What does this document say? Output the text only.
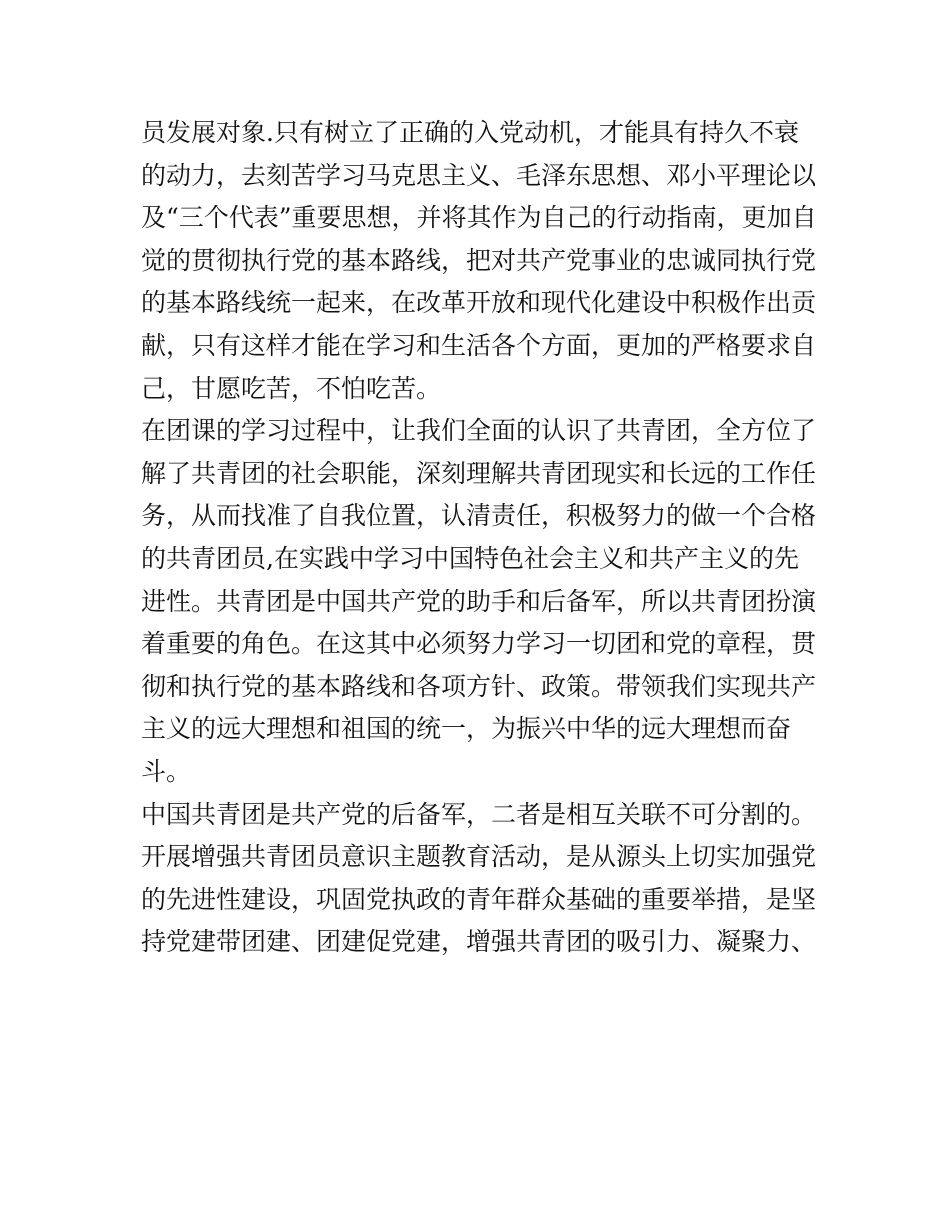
员发展对象.只有树立了正确的入党动机，才能具有持久不衰
的动力，去刻苦学习马克思主义、毛泽东思想、邓小平理论以
及“三个代表”重要思想，并将其作为自己的行动指南，更加自
觉的贯彻执行党的基本路线，把对共产党事业的忠诚同执行党
的基本路线统一起来，在改革开放和现代化建设中积极作出贡
献，只有这样才能在学习和生活各个方面，更加的严格要求自
己，甘愿吃苦，不怕吃苦。
在团课的学习过程中，让我们全面的认识了共青团，全方位了
解了共青团的社会职能，深刻理解共青团现实和长远的工作任
务，从而找准了自我位置，认清责任，积极努力的做一个合格
的共青团员,在实践中学习中国特色社会主义和共产主义的先
进性。共青团是中国共产党的助手和后备军，所以共青团扮演
着重要的角色。在这其中必须努力学习一切团和党的章程，贯
彻和执行党的基本路线和各项方针、政策。带领我们实现共产
主义的远大理想和祖国的统一，为振兴中华的远大理想而奋
斗。
中国共青团是共产党的后备军，二者是相互关联不可分割的。
开展增强共青团员意识主题教育活动，是从源头上切实加强党
的先进性建设，巩固党执政的青年群众基础的重要举措，是坚
持党建带团建、团建促党建，增强共青团的吸引力、凝聚力、
